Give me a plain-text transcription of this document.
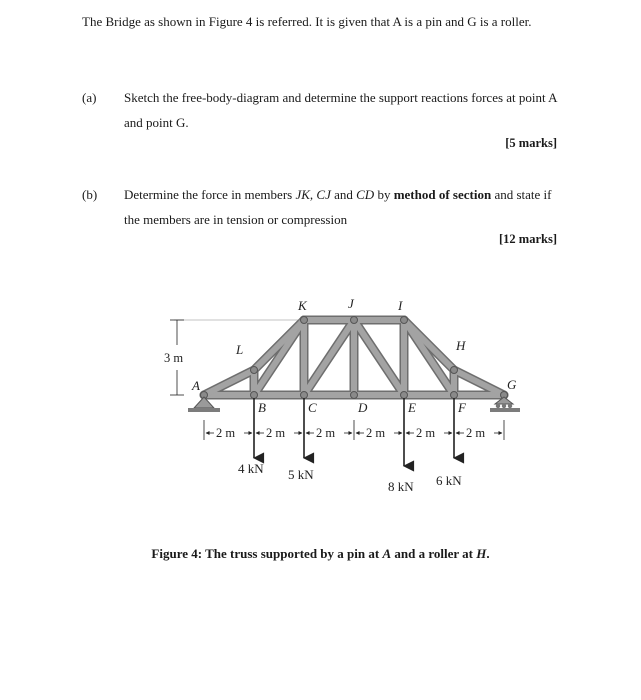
The Bridge as shown in Figure 4 is referred. It is given that A is a pin and G is a roller.
(a) Sketch the free-body-diagram and determine the support reactions forces at point A and point G.
[5 marks]
(b) Determine the force in members JK, CJ and CD by method of section and state if the members are in tension or compression
[12 marks]
A
B	C	D	E	F
G
H
I
J
K
L
3 m
2 m 2 m 2 m 2 m 2 m 2 m
4 kN 5 kN
8 kN 6 kN
Figure 4: The truss supported by a pin at A and a roller at H.
